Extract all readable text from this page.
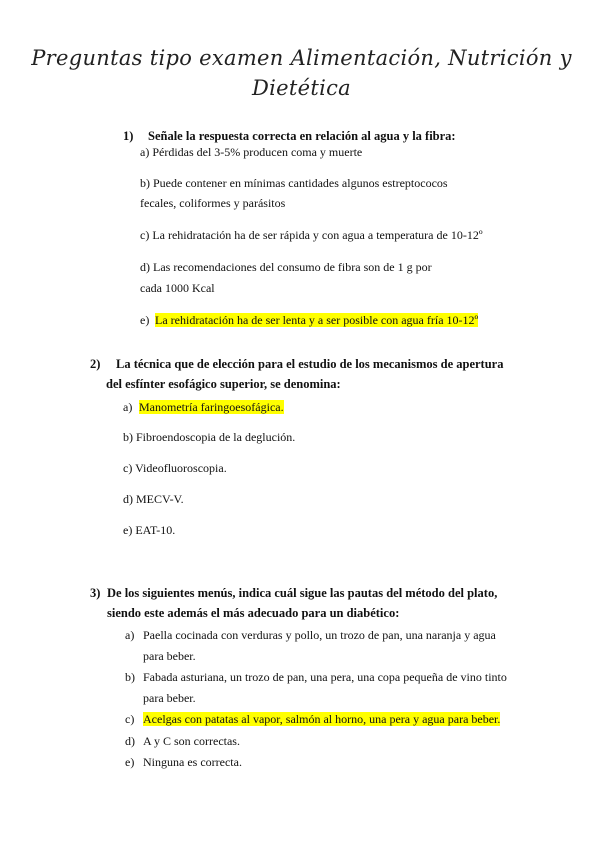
Preguntas tipo examen Alimentación, Nutrición y
Dietética
1) Señale la respuesta correcta en relación al agua y la fibra:
a) Pérdidas del 3-5% producen coma y muerte
b) Puede contener en mínimas cantidades algunos estreptococos
fecales, coliformes y parásitos
c) La rehidratación ha de ser rápida y con agua a temperatura de 10-12º
d) Las recomendaciones del consumo de fibra son de 1 g por
cada 1000 Kcal
e) La rehidratación ha de ser lenta y a ser posible con agua fría 10-12º
2) La técnica que de elección para el estudio de los mecanismos de apertura
del esfínter esofágico superior, se denomina:
a) Manometría faringoesofágica.
b) Fibroendoscopia de la deglución.
c) Videofluoroscopia.
d) MECV-V.
e) EAT-10.
3) De los siguientes menús, indica cuál sigue las pautas del método del plato,
siendo este además el más adecuado para un diabético:
a) Paella cocinada con verduras y pollo, un trozo de pan, una naranja y agua
para beber.
b) Fabada asturiana, un trozo de pan, una pera, una copa pequeña de vino tinto
para beber.
c) Acelgas con patatas al vapor, salmón al horno, una pera y agua para beber.
d) A y C son correctas.
e) Ninguna es correcta.
